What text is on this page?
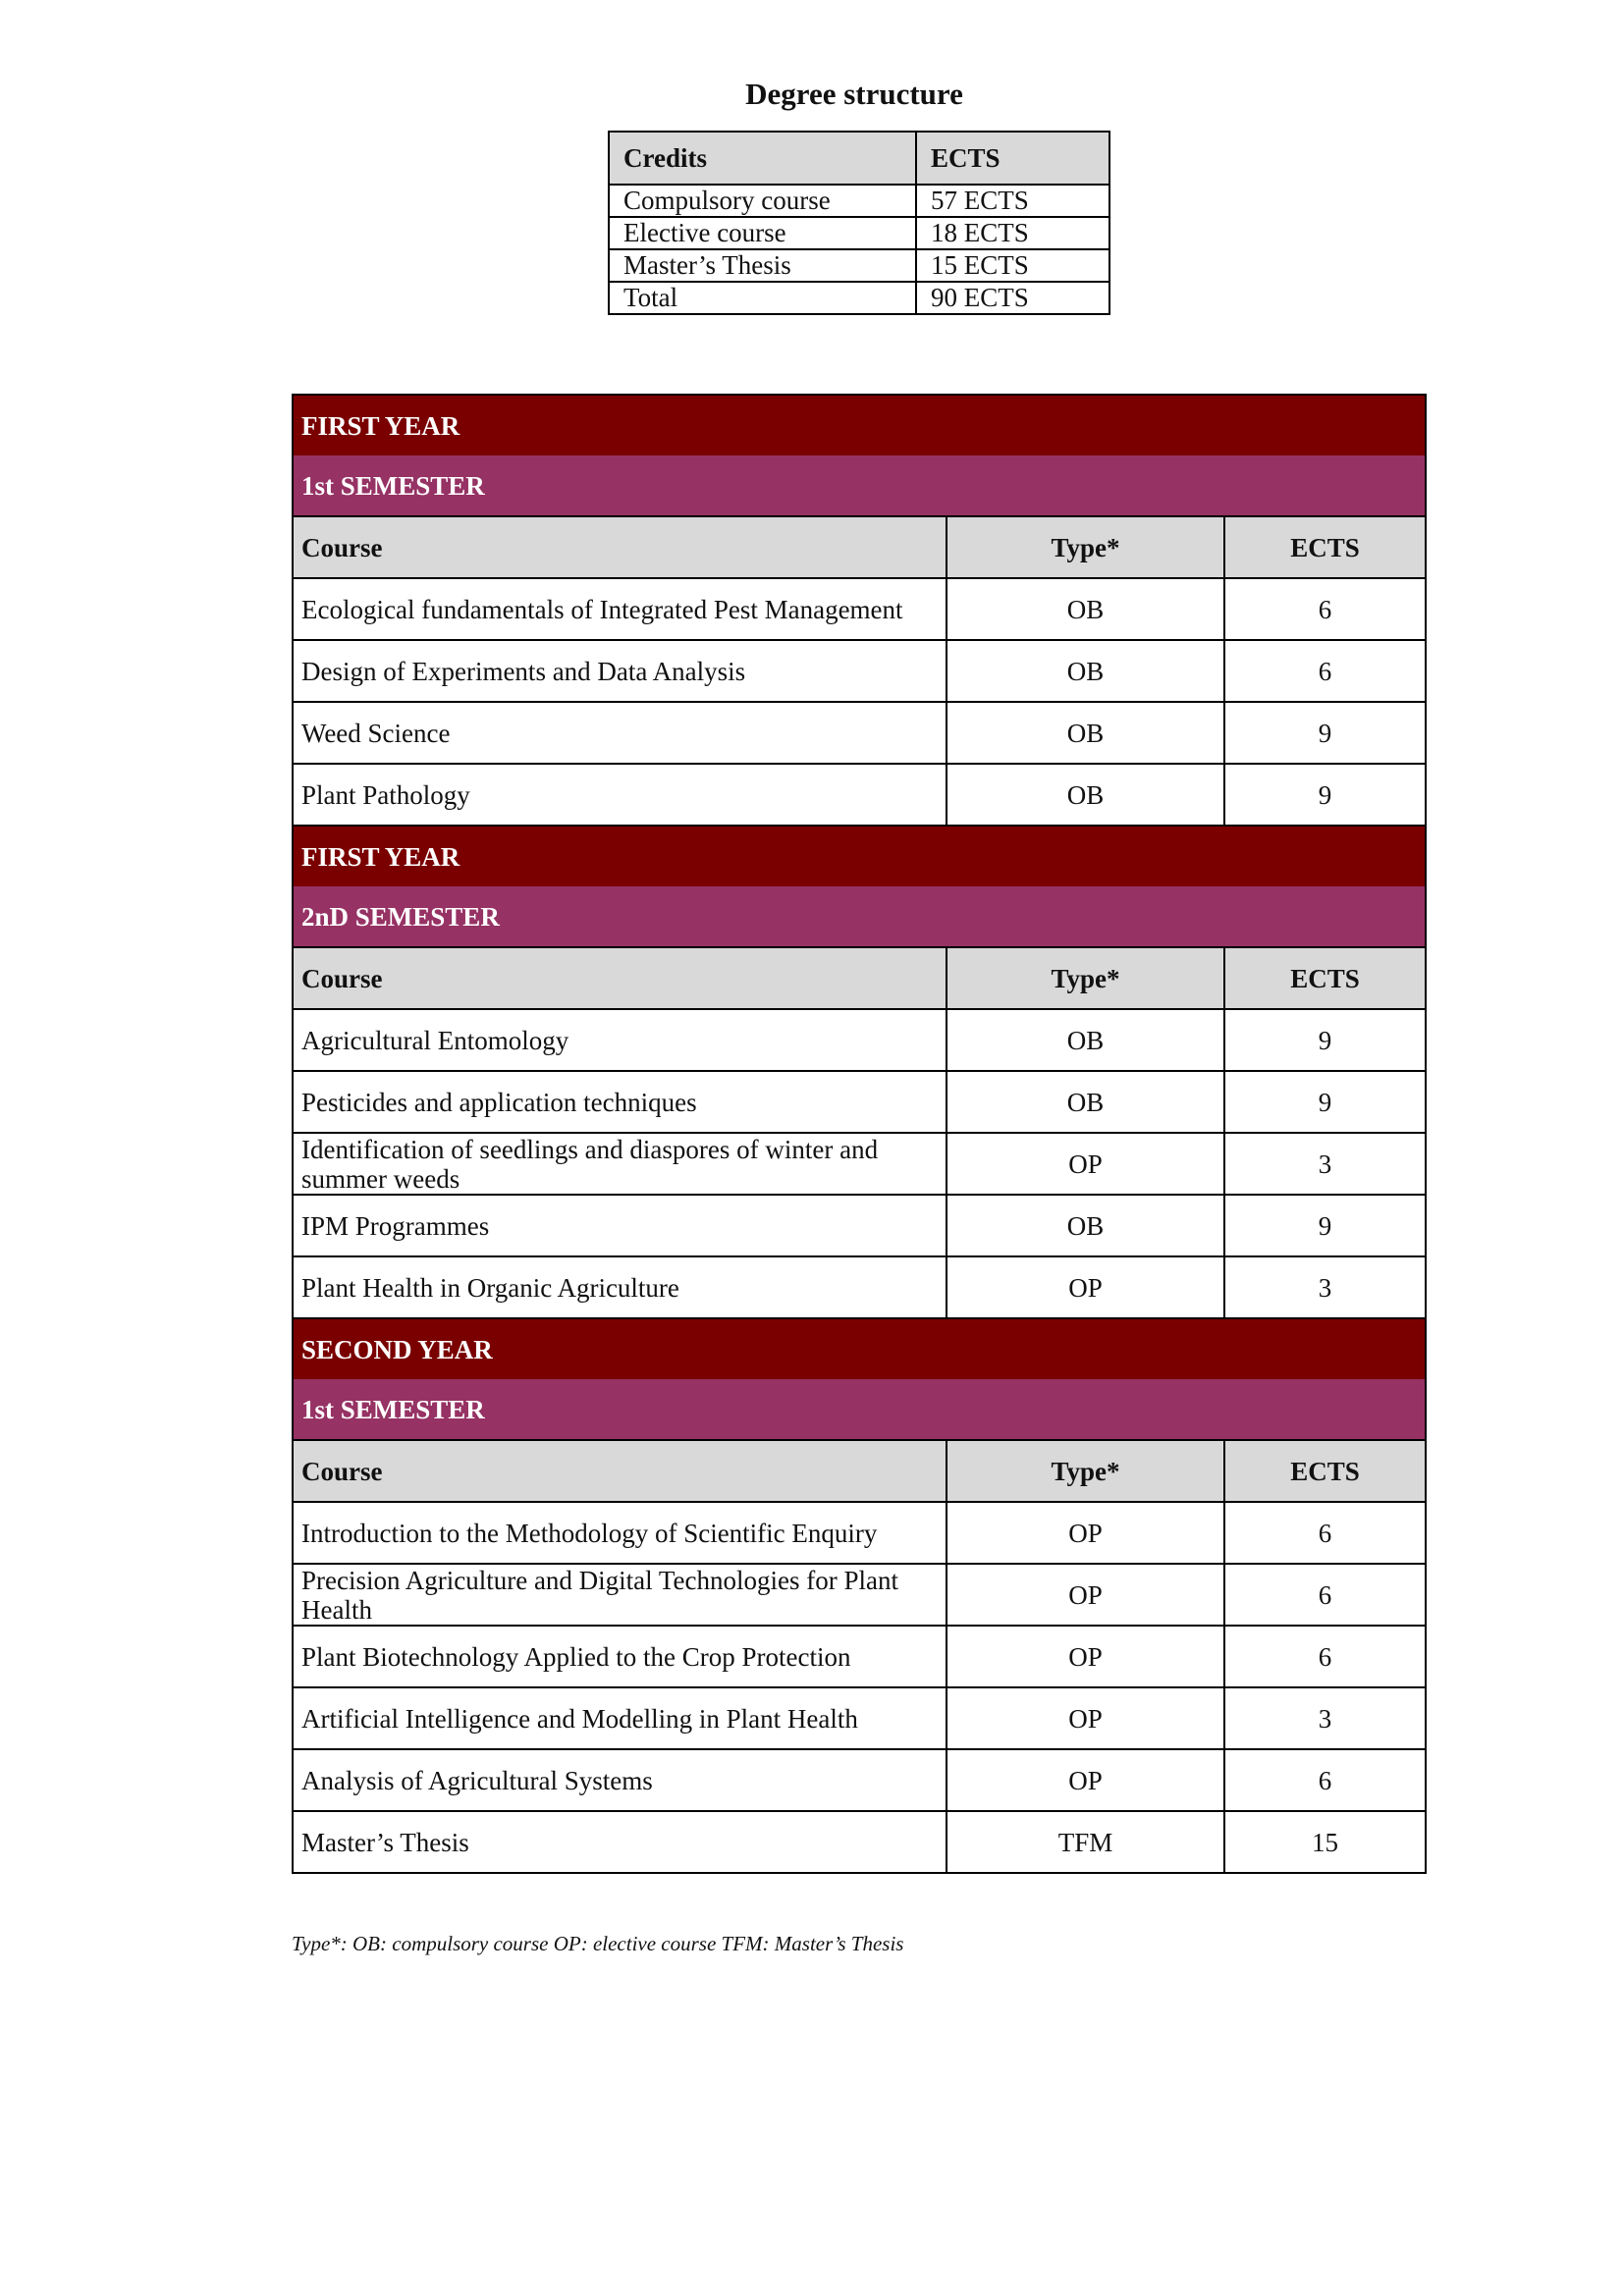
Degree structure
Credits	ECTS
Compulsory course	57 ECTS
Elective course	18 ECTS
Master’s Thesis	15 ECTS
Total	90 ECTS
FIRST YEAR		
1st SEMESTER		
Course	Type*	ECTS
Ecological fundamentals of Integrated Pest Management	OB	6
Design of Experiments and Data Analysis	OB	6
Weed Science	OB	9
Plant Pathology	OB	9
FIRST YEAR		
2nD SEMESTER		
Course	Type*	ECTS
Agricultural Entomology	OB	9
Pesticides and application techniques	OB	9
Identification of seedlings and diaspores of winter and summer weeds	OP	3
IPM Programmes	OB	9
Plant Health in Organic Agriculture	OP	3
SECOND YEAR		
1st SEMESTER		
Course	Type*	ECTS
Introduction to the Methodology of Scientific Enquiry	OP	6
Precision Agriculture and Digital Technologies for Plant Health	OP	6
Plant Biotechnology Applied to the Crop Protection	OP	6
Artificial Intelligence and Modelling in Plant Health	OP	3
Analysis of Agricultural Systems	OP	6
Master’s Thesis	TFM	15

Type*: OB: compulsory course OP: elective course TFM: Master’s Thesis
